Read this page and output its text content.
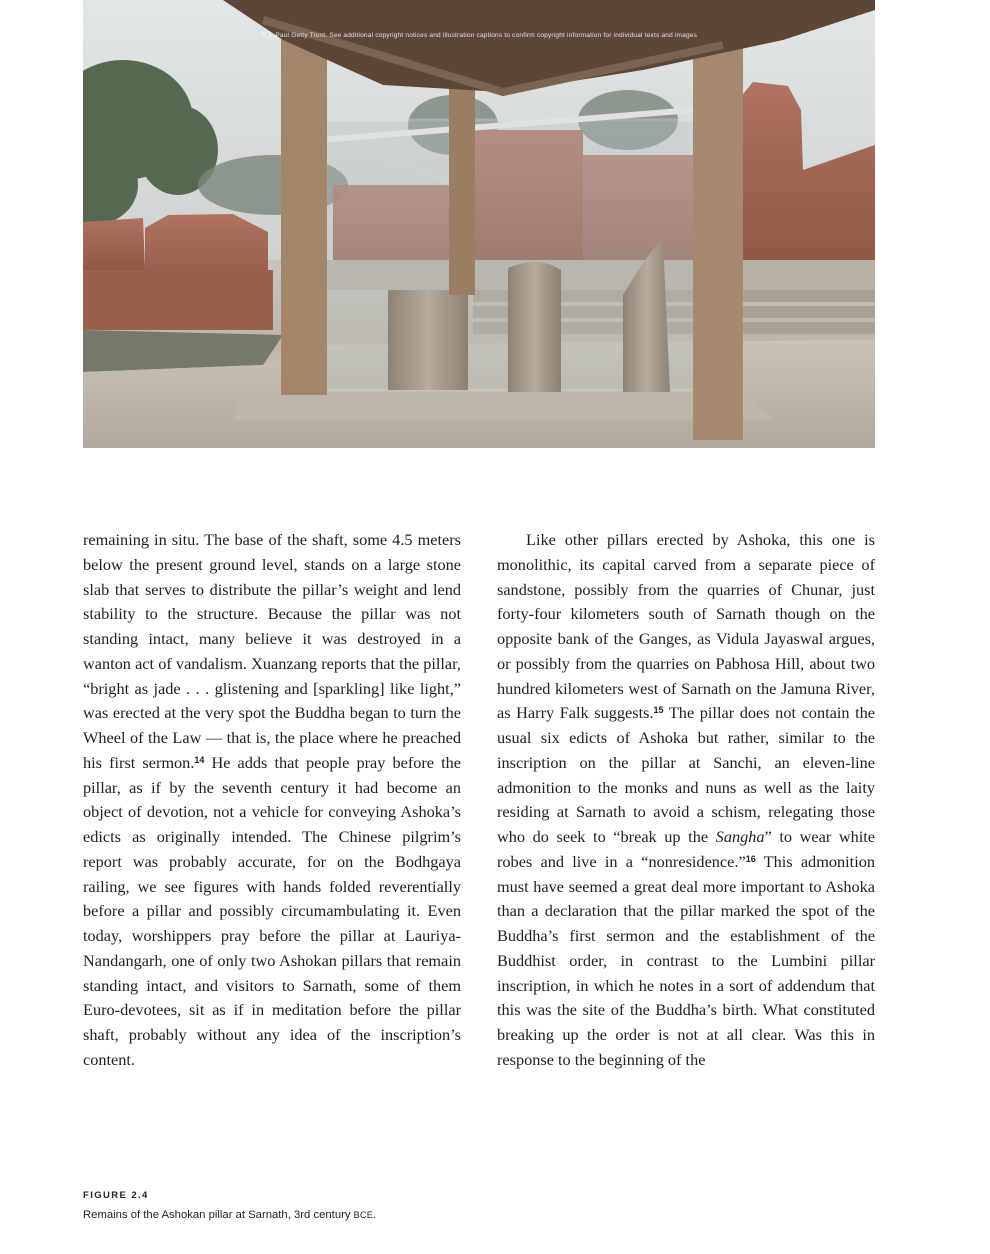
© J. Paul Getty Trust. See additional copyright notices and illustration captions to confirm copyright information for individual texts and images

remaining in situ. The base of the shaft, some 4.5 meters below the present ground level, stands on a large stone slab that serves to distribute the pillar’s weight and lend stability to the structure. Because the pillar was not standing intact, many believe it was destroyed in a wanton act of vandalism. Xuanzang reports that the pillar, “bright as jade . . . glistening and [sparkling] like light,” was erected at the very spot the Buddha began to turn the Wheel of the Law — that is, the place where he preached his first sermon.$^{14}$ He adds that people pray before the pillar, as if by the seventh century it had become an object of devotion, not a vehicle for conveying Ashoka’s edicts as originally intended. The Chinese pilgrim’s report was probably accurate, for on the Bodhgaya railing, we see figures with hands folded reverentially before a pillar and possibly circumambulating it. Even today, worshippers pray before the pillar at Lauriya-Nandangarh, one of only two Ashokan pillars that remain standing intact, and visitors to Sarnath, some of them Euro-devotees, sit as if in meditation before the pillar shaft, probably without any idea of the inscription’s content.

Like other pillars erected by Ashoka, this one is monolithic, its capital carved from a separate piece of sandstone, possibly from the quarries of Chunar, just forty-four kilometers south of Sarnath though on the opposite bank of the Ganges, as Vidula Jayaswal argues, or possibly from the quarries on Pabhosa Hill, about two hundred kilometers west of Sarnath on the Jamuna River, as Harry Falk suggests.$^{15}$ The pillar does not contain the usual six edicts of Ashoka but rather, similar to the inscription on the pillar at Sanchi, an eleven-line admonition to the monks and nuns as well as the laity residing at Sarnath to avoid a schism, relegating those who do seek to “break up the Sangha” to wear white robes and live in a “nonresidence.”$^{16}$ This admonition must have seemed a great deal more important to Ashoka than a declaration that the pillar marked the spot of the Buddha’s first sermon and the establishment of the Buddhist order, in contrast to the Lumbini pillar inscription, in which he notes in a sort of addendum that this was the site of the Buddha’s birth. What constituted breaking up the order is not at all clear. Was this in response to the beginning of the

FIGURE 2.4
Remains of the Ashokan pillar at Sarnath, 3rd century BCE.
